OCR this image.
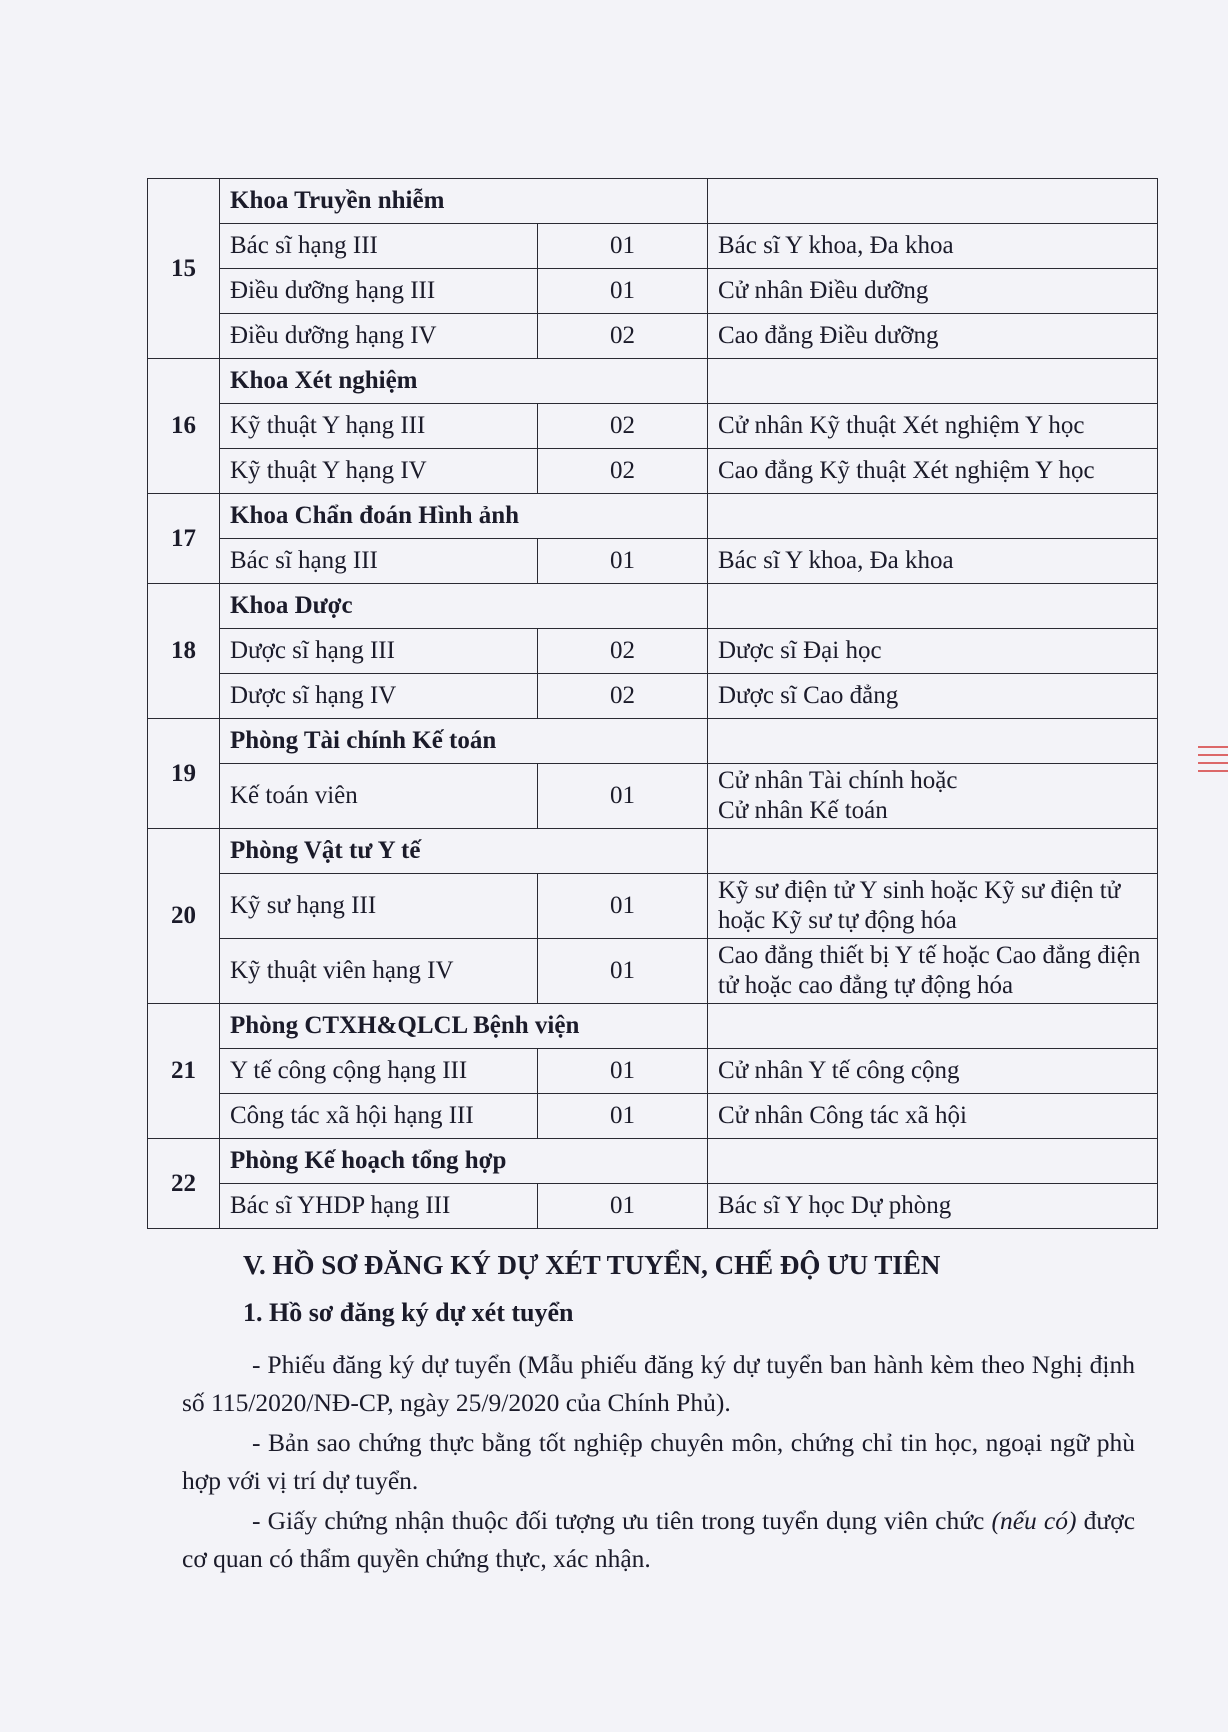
15	Khoa Truyền nhiễm		
	Bác sĩ hạng III	01	Bác sĩ Y khoa, Đa khoa
	Điều dưỡng hạng III	01	Cử nhân Điều dưỡng
	Điều dưỡng hạng IV	02	Cao đẳng Điều dưỡng
16	Khoa Xét nghiệm		
	Kỹ thuật Y hạng III	02	Cử nhân Kỹ thuật Xét nghiệm Y học
	Kỹ thuật Y hạng IV	02	Cao đẳng Kỹ thuật Xét nghiệm Y học
17	Khoa Chẩn đoán Hình ảnh		
	Bác sĩ hạng III	01	Bác sĩ Y khoa, Đa khoa
18	Khoa Dược		
	Dược sĩ hạng III	02	Dược sĩ Đại học
	Dược sĩ hạng IV	02	Dược sĩ Cao đẳng
19	Phòng Tài chính Kế toán		
	Kế toán viên	01	Cử nhân Tài chính hoặc
Cử nhân Kế toán
20	Phòng Vật tư Y tế		
	Kỹ sư hạng III	01	Kỹ sư điện tử Y sinh hoặc Kỹ sư điện tử hoặc Kỹ sư tự động hóa
	Kỹ thuật viên hạng IV	01	Cao đẳng thiết bị Y tế hoặc Cao đẳng điện tử hoặc cao đẳng tự động hóa
21	Phòng CTXH&QLCL Bệnh viện		
	Y tế công cộng hạng III	01	Cử nhân Y tế công cộng
	Công tác xã hội hạng III	01	Cử nhân Công tác xã hội
22	Phòng Kế hoạch tổng hợp		
	Bác sĩ YHDP hạng III	01	Bác sĩ Y học Dự phòng
V. HỒ SƠ ĐĂNG KÝ DỰ XÉT TUYỂN, CHẾ ĐỘ ƯU TIÊN
1. Hồ sơ đăng ký dự xét tuyển

- Phiếu đăng ký dự tuyển (Mẫu phiếu đăng ký dự tuyển ban hành kèm theo Nghị định số 115/2020/NĐ-CP, ngày 25/9/2020 của Chính Phủ).

- Bản sao chứng thực bằng tốt nghiệp chuyên môn, chứng chỉ tin học, ngoại ngữ phù hợp với vị trí dự tuyển.

- Giấy chứng nhận thuộc đối tượng ưu tiên trong tuyển dụng viên chức (nếu có) được cơ quan có thẩm quyền chứng thực, xác nhận.
